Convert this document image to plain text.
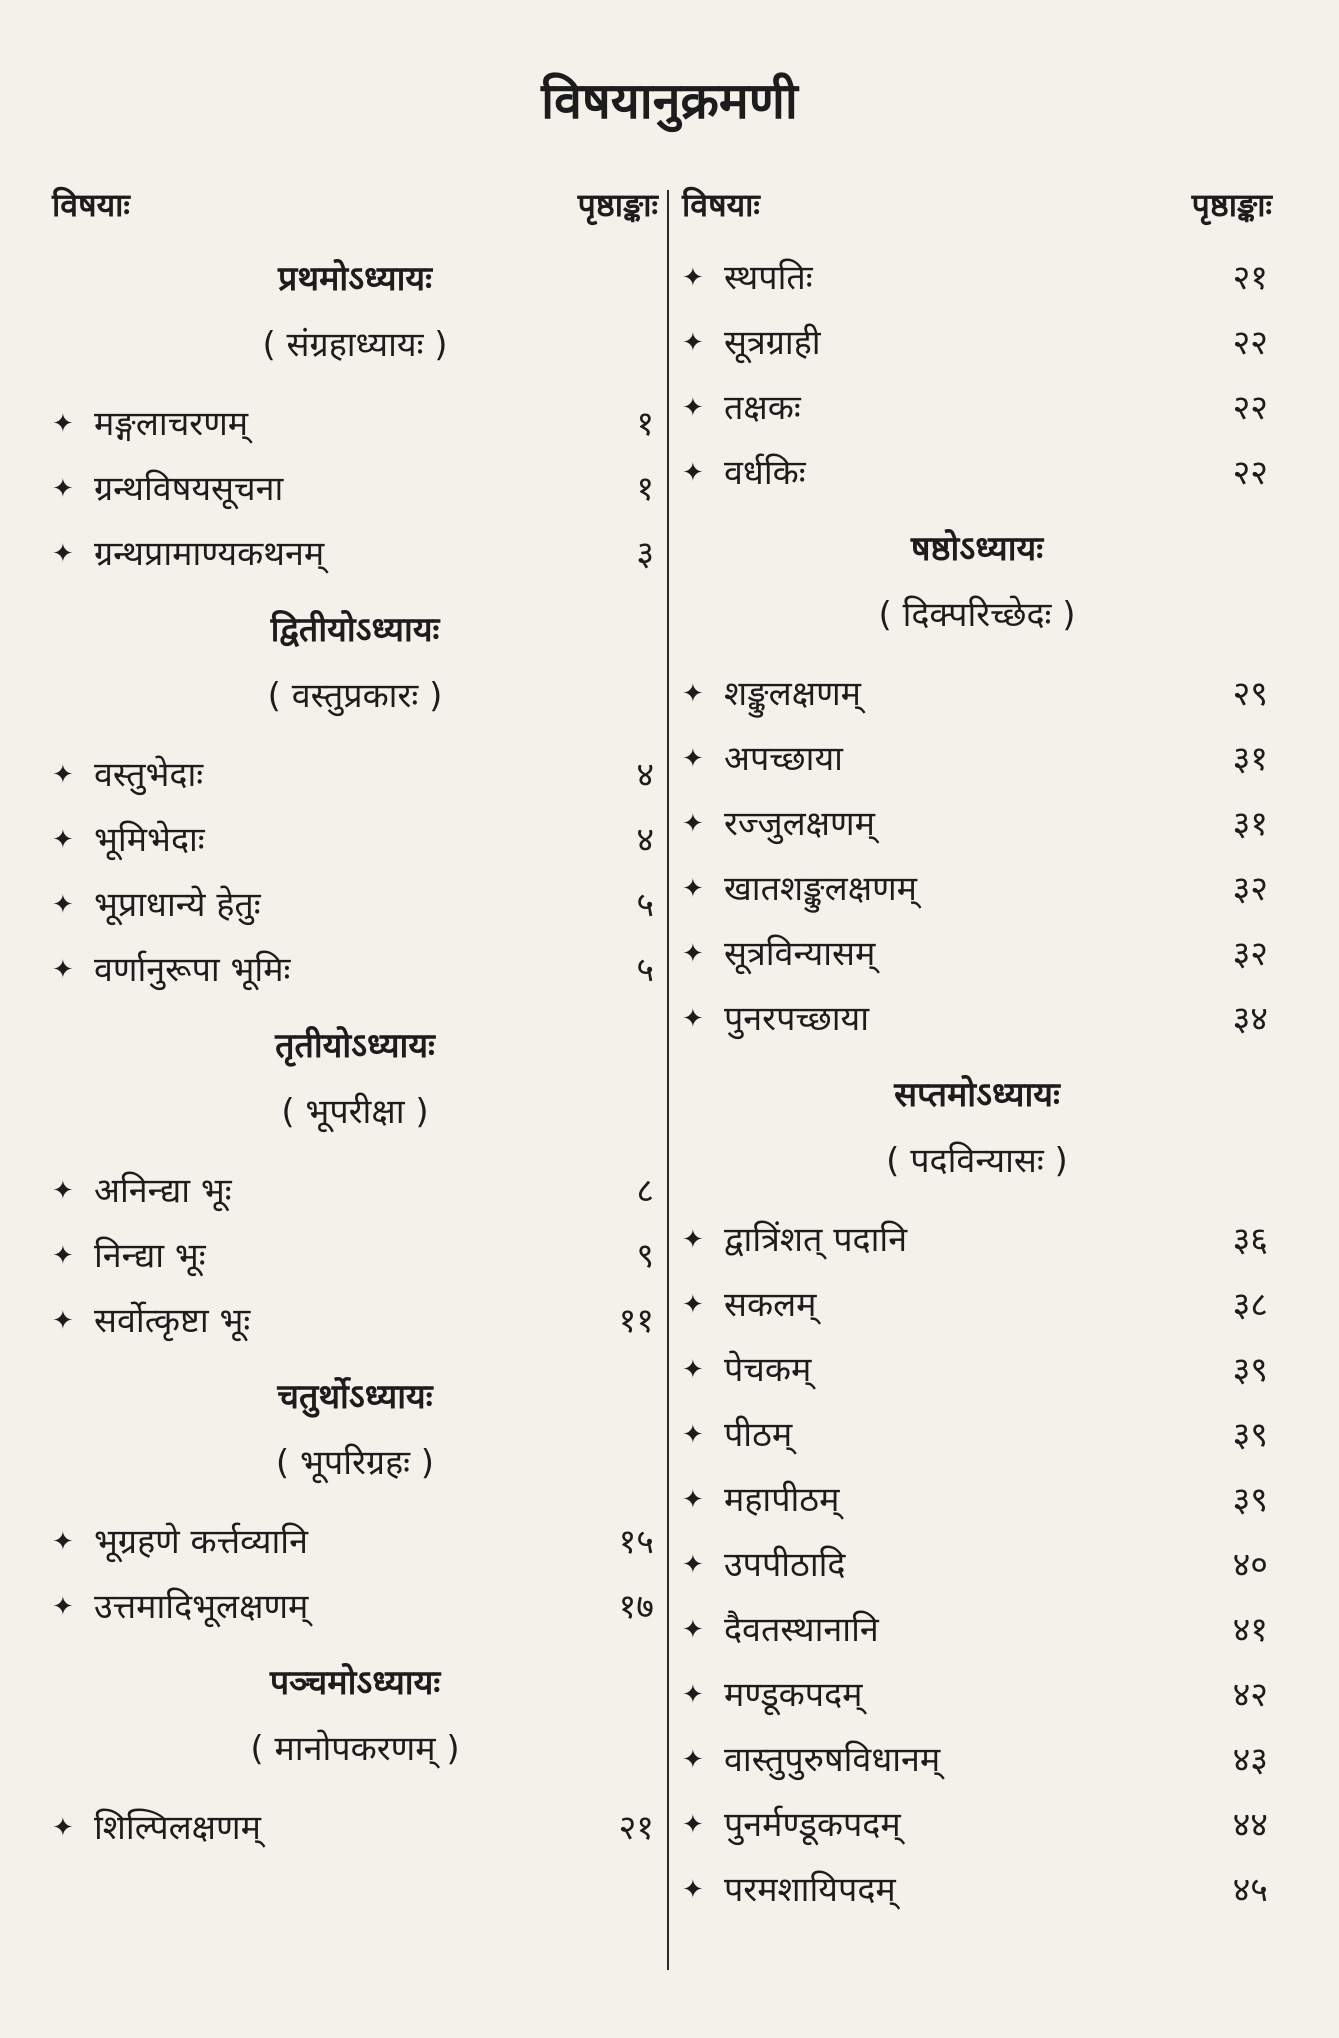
विषयानुक्रमणी
विषयाः	पृष्ठाङ्काः
प्रथमोऽध्यायः
( संग्रहाध्यायः )
✦ मङ्गलाचरणम्	१
✦ ग्रन्थविषयसूचना	१
✦ ग्रन्थप्रामाण्यकथनम्	३
द्वितीयोऽध्यायः
( वस्तुप्रकारः )
✦ वस्तुभेदाः	४
✦ भूमिभेदाः	४
✦ भूप्राधान्ये हेतुः	५
✦ वर्णानुरूपा भूमिः	५
तृतीयोऽध्यायः
( भूपरीक्षा )
✦ अनिन्द्या भूः	८
✦ निन्द्या भूः	९
✦ सर्वोत्कृष्टा भूः	११
चतुर्थोऽध्यायः
( भूपरिग्रहः )
✦ भूग्रहणे कर्त्तव्यानि	१५
✦ उत्तमादिभूलक्षणम्	१७
पञ्चमोऽध्यायः
( मानोपकरणम् )
✦ शिल्पिलक्षणम्	२१
विषयाः	पृष्ठाङ्काः
✦ स्थपतिः	२१
✦ सूत्रग्राही	२२
✦ तक्षकः	२२
✦ वर्धकिः	२२
षष्ठोऽध्यायः
( दिक्परिच्छेदः )
✦ शङ्कुलक्षणम्	२९
✦ अपच्छाया	३१
✦ रज्जुलक्षणम्	३१
✦ खातशङ्कुलक्षणम्	३२
✦ सूत्रविन्यासम्	३२
✦ पुनरपच्छाया	३४
सप्तमोऽध्यायः
( पदविन्यासः )
✦ द्वात्रिंशत् पदानि	३६
✦ सकलम्	३८
✦ पेचकम्	३९
✦ पीठम्	३९
✦ महापीठम्	३९
✦ उपपीठादि	४०
✦ दैवतस्थानानि	४१
✦ मण्डूकपदम्	४२
✦ वास्तुपुरुषविधानम्	४३
✦ पुनर्मण्डूकपदम्	४४
✦ परमशायिपदम्	४५
